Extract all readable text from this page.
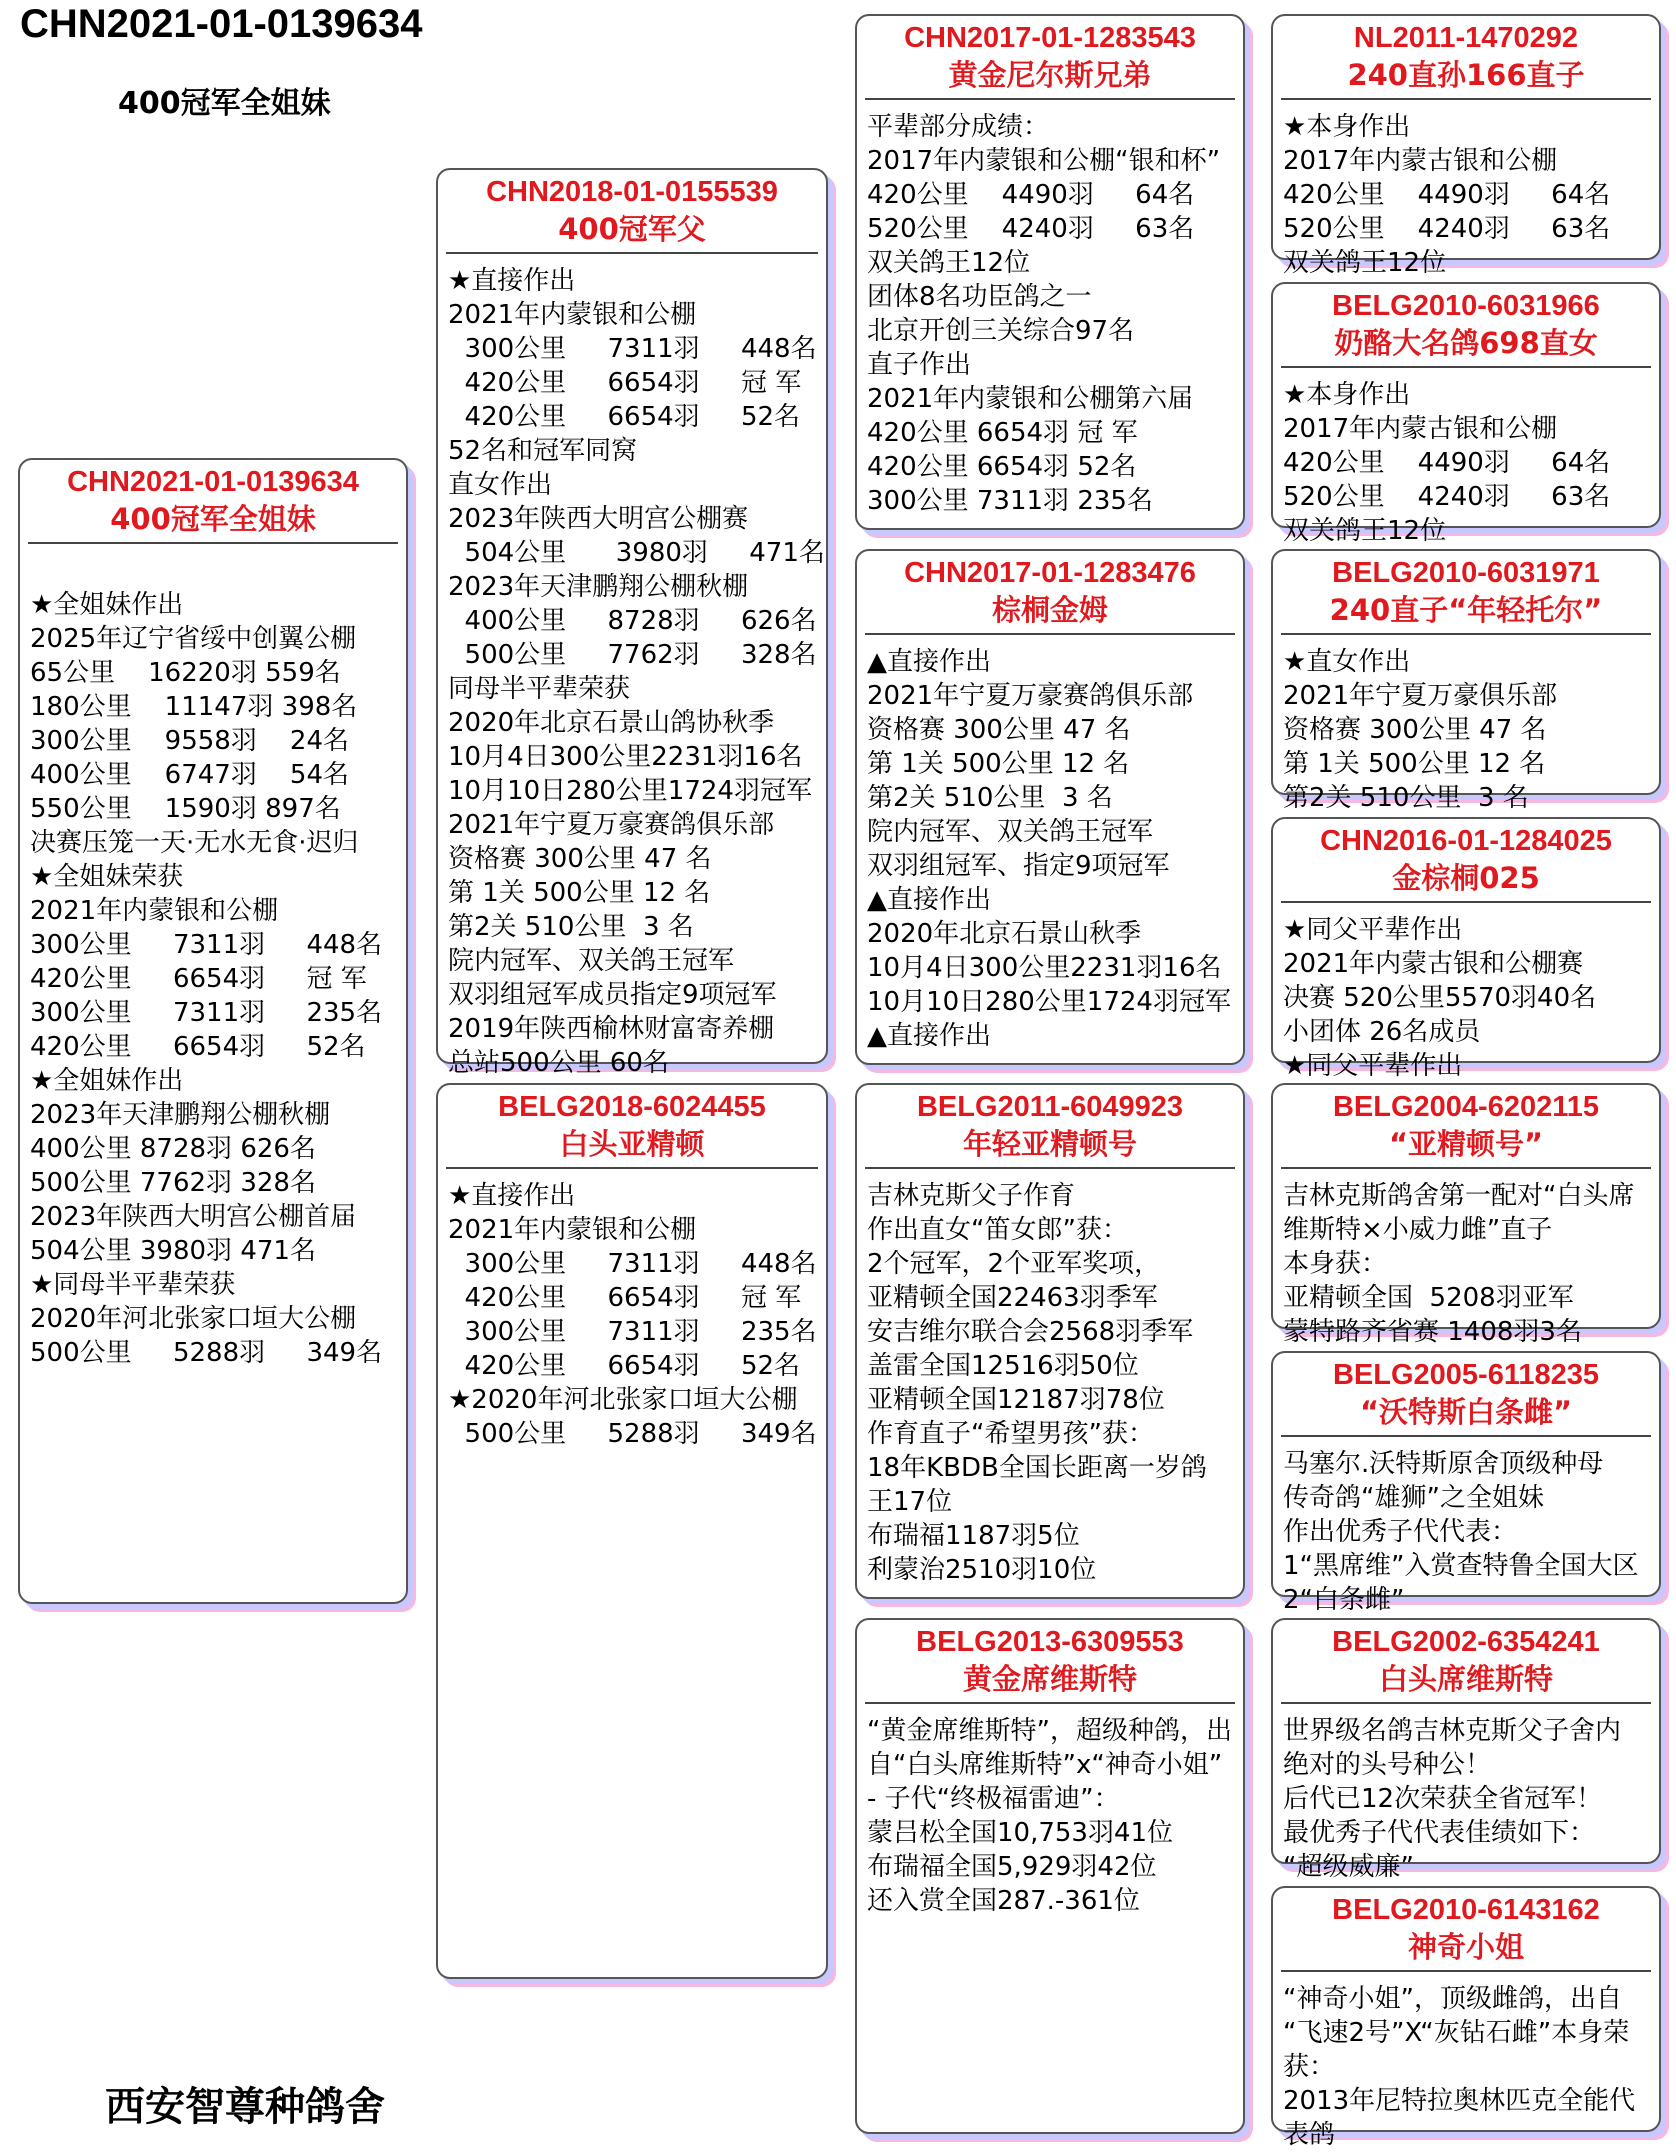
CHN2021-01-0139634
400冠军全姐妹
CHN2021-01-0139634
400冠军全姐妹

★全姐妹作出
2025年辽宁省绥中创翼公棚
65公里    16220羽 559名
180公里    11147羽 398名
300公里    9558羽    24名
400公里    6747羽    54名
550公里    1590羽 897名
决赛压笼一天·无水无食·迟归
★全姐妹荣获
2021年内蒙银和公棚
300公里     7311羽     448名
420公里     6654羽     冠 军
300公里     7311羽     235名
420公里     6654羽     52名
★全姐妹作出
2023年天津鹏翔公棚秋棚
400公里 8728羽 626名
500公里 7762羽 328名
2023年陕西大明宫公棚首届
504公里 3980羽 471名
★同母半平辈荣获
2020年河北张家口垣大公棚
500公里     5288羽     349名
CHN2018-01-0155539
400冠军父
★直接作出
2021年内蒙银和公棚
300公里     7311羽     448名
420公里     6654羽     冠 军
420公里     6654羽     52名
52名和冠军同窝
直女作出
2023年陕西大明宫公棚赛
504公里      3980羽     471名
2023年天津鹏翔公棚秋棚
400公里     8728羽     626名
500公里     7762羽     328名
同母半平辈荣获
2020年北京石景山鸽协秋季
10月4日300公里2231羽16名
10月10日280公里1724羽冠军
2021年宁夏万豪赛鸽俱乐部
资格赛 300公里 47 名
第 1关 500公里 12 名
第2关 510公里  3 名
院内冠军、双关鸽王冠军
双羽组冠军成员指定9项冠军
2019年陕西榆林财富寄养棚
总站500公里 60名
BELG2018-6024455
白头亚精顿
★直接作出
2021年内蒙银和公棚
300公里     7311羽     448名
420公里     6654羽     冠 军
300公里     7311羽     235名
420公里     6654羽     52名
★2020年河北张家口垣大公棚
500公里     5288羽     349名
CHN2017-01-1283543
黄金尼尔斯兄弟
平辈部分成绩：
2017年内蒙银和公棚“银和杯”
420公里    4490羽     64名
520公里    4240羽     63名
双关鸽王12位
团体8名功臣鸽之一
北京开创三关综合97名
直子作出
2021年内蒙银和公棚第六届
420公里 6654羽 冠 军
420公里 6654羽 52名
300公里 7311羽 235名
CHN2017-01-1283476
棕桐金姆
▲直接作出
2021年宁夏万豪赛鸽俱乐部
资格赛 300公里 47 名
第 1关 500公里 12 名
第2关 510公里  3 名
院内冠军、双关鸽王冠军
双羽组冠军、指定9项冠军
▲直接作出
2020年北京石景山秋季
10月4日300公里2231羽16名
10月10日280公里1724羽冠军
▲直接作出
BELG2011-6049923
年轻亚精顿号
吉林克斯父子作育
作出直女“笛女郎”获：
2个冠军，2个亚军奖项，
亚精顿全国22463羽季军
安吉维尔联合会2568羽季军
盖雷全国12516羽50位
亚精顿全国12187羽78位
作育直子“希望男孩”获：
18年KBDB全国长距离一岁鸽
王17位
布瑞福1187羽5位
利蒙治2510羽10位
BELG2013-6309553
黄金席维斯特
“黄金席维斯特”，超级种鸽，出
自“白头席维斯特”x“神奇小姐”
- 子代“终极福雷迪”：
蒙吕松全国10,753羽41位
布瑞福全国5,929羽42位
还入赏全国287.-361位
NL2011-1470292
240直孙166直子
★本身作出
2017年内蒙古银和公棚
420公里    4490羽     64名
520公里    4240羽     63名
双关鸽王12位
BELG2010-6031966
奶酪大名鸽698直女
★本身作出
2017年内蒙古银和公棚
420公里    4490羽     64名
520公里    4240羽     63名
双关鸽王12位
BELG2010-6031971
240直子“年轻托尔”
★直女作出
2021年宁夏万豪俱乐部
资格赛 300公里 47 名
第 1关 500公里 12 名
第2关 510公里  3 名
CHN2016-01-1284025
金棕桐025
★同父平辈作出
2021年内蒙古银和公棚赛
决赛 520公里5570羽40名
小团体 26名成员
★同父平辈作出
BELG2004-6202115
“亚精顿号”
吉林克斯鸽舍第一配对“白头席
维斯特×小威力雌”直子
本身获：
亚精顿全国  5208羽亚军
蒙特路齐省赛 1408羽3名
BELG2005-6118235
“沃特斯白条雌”
马塞尔.沃特斯原舍顶级种母
传奇鸽“雄狮”之全姐妹
作出优秀子代代表：
1“黑席维”入赏查特鲁全国大区
2“白条雌”
BELG2002-6354241
白头席维斯特
世界级名鸽吉林克斯父子舍内
绝对的头号种公！
后代已12次荣获全省冠军！
最优秀子代代表佳绩如下：
“超级威廉”
BELG2010-6143162
神奇小姐
“神奇小姐”，顶级雌鸽，出自
“飞速2号”X“灰钻石雌”本身荣
获：
2013年尼特拉奥林匹克全能代
表鸽
西安智尊种鸽舍
